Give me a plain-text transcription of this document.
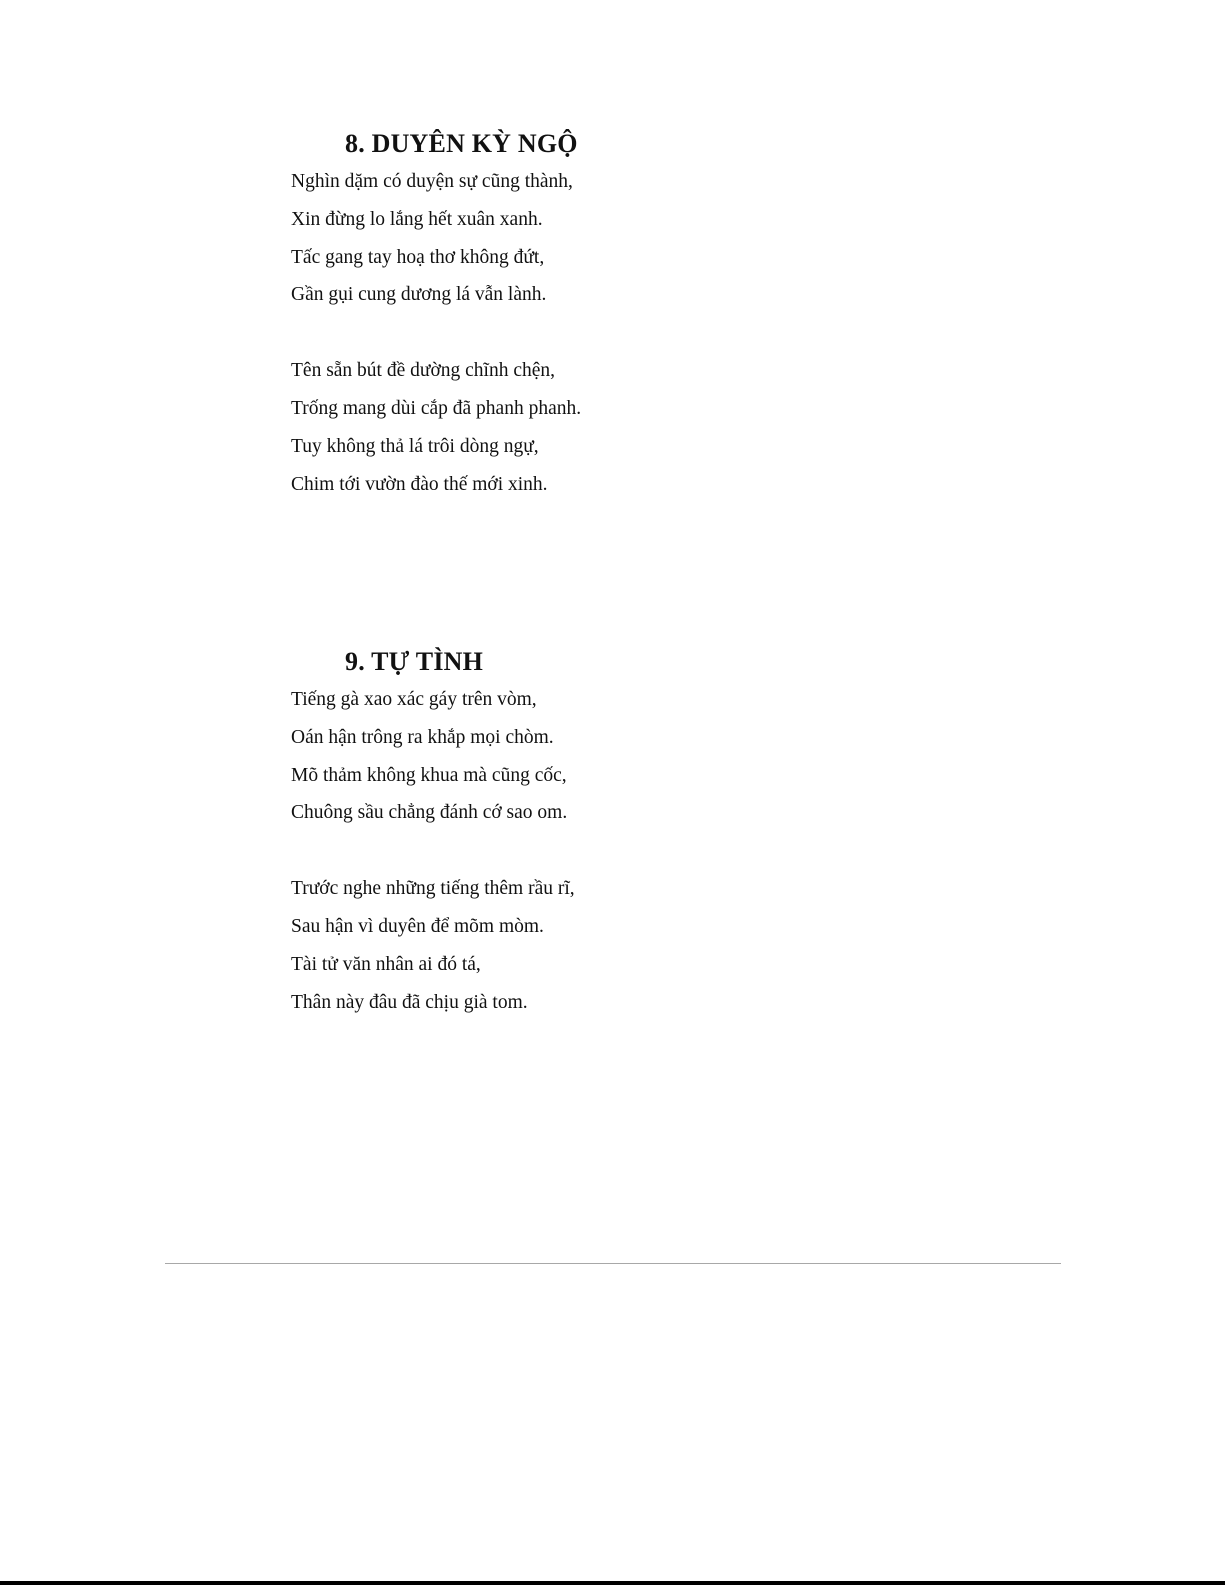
8. DUYÊN KỲ NGỘ
Nghìn dặm có duyện sự cũng thành,
Xin đừng lo lắng hết xuân xanh.
Tấc gang tay hoạ thơ không đứt,
Gần gụi cung dương lá vẫn lành.
Tên sẵn bút đề dường chĩnh chện,
Trống mang dùi cắp đã phanh phanh.
Tuy không thả lá trôi dòng ngự,
Chim tới vườn đào thế mới xinh.
9. TỰ TÌNH
Tiếng gà xao xác gáy trên vòm,
Oán hận trông ra khắp mọi chòm.
Mõ thảm không khua mà cũng cốc,
Chuông sầu chẳng đánh cớ sao om.
Trước nghe những tiếng thêm rầu rĩ,
Sau hận vì duyên để mõm mòm.
Tài tử văn nhân ai đó tá,
Thân này đâu đã chịu già tom.
